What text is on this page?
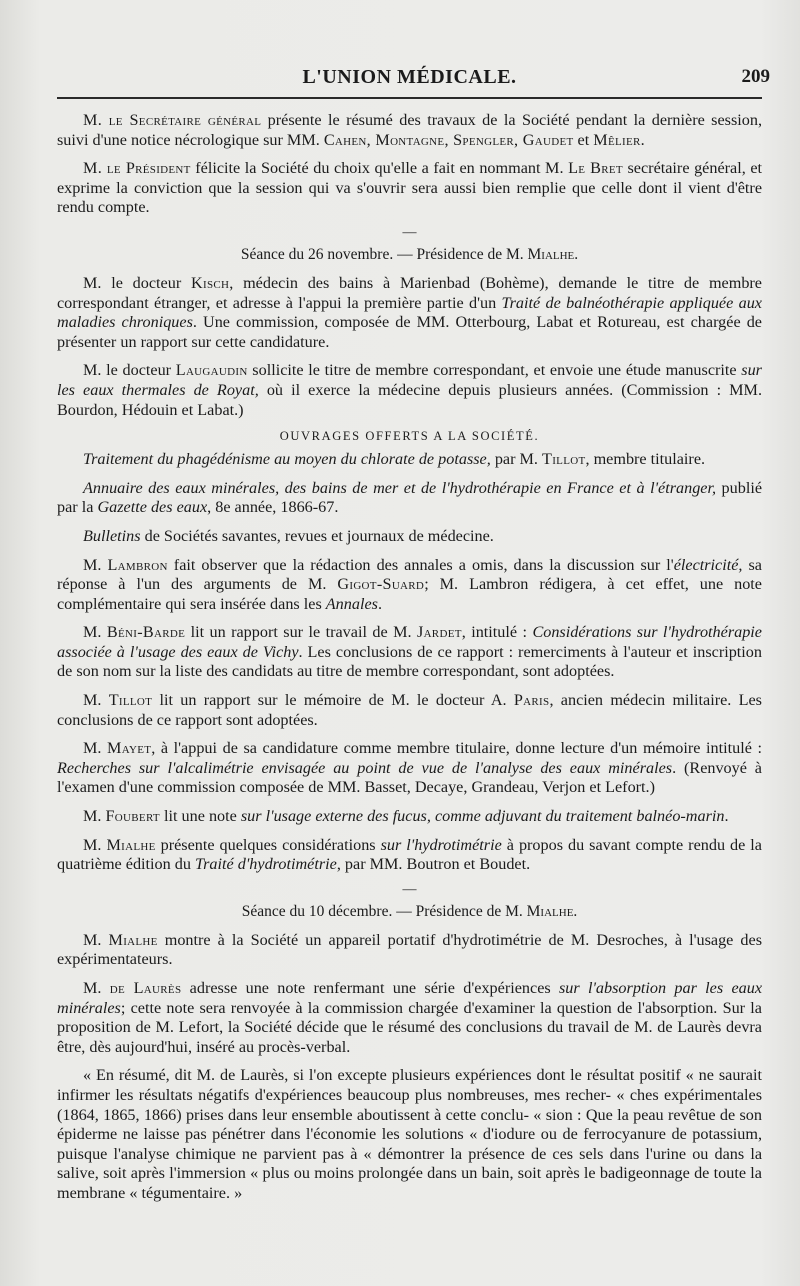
L'UNION MÉDICALE.	209

M. le Secrétaire général présente le résumé des travaux de la Société pendant la dernière session, suivi d'une notice nécrologique sur MM. Cahen, Montagne, Spengler, Gaudet et Mêlier.

M. le Président félicite la Société du choix qu'elle a fait en nommant M. Le Bret secrétaire général, et exprime la conviction que la session qui va s'ouvrir sera aussi bien remplie que celle dont il vient d'être rendu compte.

—
Séance du 26 novembre. — Présidence de M. Mialhe.

M. le docteur Kisch, médecin des bains à Marienbad (Bohème), demande le titre de membre correspondant étranger, et adresse à l'appui la première partie d'un Traité de balnéothérapie appliquée aux maladies chroniques. Une commission, composée de MM. Otterbourg, Labat et Rotureau, est chargée de présenter un rapport sur cette candidature.

M. le docteur Laugaudin sollicite le titre de membre correspondant, et envoie une étude manuscrite sur les eaux thermales de Royat, où il exerce la médecine depuis plusieurs années. (Commission : MM. Bourdon, Hédouin et Labat.)

OUVRAGES OFFERTS A LA SOCIÉTÉ.

Traitement du phagédénisme au moyen du chlorate de potasse, par M. Tillot, membre titulaire.

Annuaire des eaux minérales, des bains de mer et de l'hydrothérapie en France et à l'étranger, publié par la Gazette des eaux, 8e année, 1866-67.

Bulletins de Sociétés savantes, revues et journaux de médecine.

M. Lambron fait observer que la rédaction des annales a omis, dans la discussion sur l'électricité, sa réponse à l'un des arguments de M. Gigot-Suard; M. Lambron rédigera, à cet effet, une note complémentaire qui sera insérée dans les Annales.

M. Béni-Barde lit un rapport sur le travail de M. Jardet, intitulé : Considérations sur l'hydrothérapie associée à l'usage des eaux de Vichy. Les conclusions de ce rapport : remerciments à l'auteur et inscription de son nom sur la liste des candidats au titre de membre correspondant, sont adoptées.

M. Tillot lit un rapport sur le mémoire de M. le docteur A. Paris, ancien médecin militaire. Les conclusions de ce rapport sont adoptées.

M. Mayet, à l'appui de sa candidature comme membre titulaire, donne lecture d'un mémoire intitulé : Recherches sur l'alcalimétrie envisagée au point de vue de l'analyse des eaux minérales. (Renvoyé à l'examen d'une commission composée de MM. Basset, Decaye, Grandeau, Verjon et Lefort.)

M. Foubert lit une note sur l'usage externe des fucus, comme adjuvant du traitement balnéo-marin.

M. Mialhe présente quelques considérations sur l'hydrotimétrie à propos du savant compte rendu de la quatrième édition du Traité d'hydrotimétrie, par MM. Boutron et Boudet.

—
Séance du 10 décembre. — Présidence de M. Mialhe.

M. Mialhe montre à la Société un appareil portatif d'hydrotimétrie de M. Desroches, à l'usage des expérimentateurs.

M. de Laurès adresse une note renfermant une série d'expériences sur l'absorption par les eaux minérales; cette note sera renvoyée à la commission chargée d'examiner la question de l'absorption. Sur la proposition de M. Lefort, la Société décide que le résumé des conclusions du travail de M. de Laurès devra être, dès aujourd'hui, inséré au procès-verbal.

« En résumé, dit M. de Laurès, si l'on excepte plusieurs expériences dont le résultat positif « ne saurait infirmer les résultats négatifs d'expériences beaucoup plus nombreuses, mes recher- « ches expérimentales (1864, 1865, 1866) prises dans leur ensemble aboutissent à cette conclu- « sion : Que la peau revêtue de son épiderme ne laisse pas pénétrer dans l'économie les solutions « d'iodure ou de ferrocyanure de potassium, puisque l'analyse chimique ne parvient pas à « démontrer la présence de ces sels dans l'urine ou dans la salive, soit après l'immersion « plus ou moins prolongée dans un bain, soit après le badigeonnage de toute la membrane « tégumentaire. »
